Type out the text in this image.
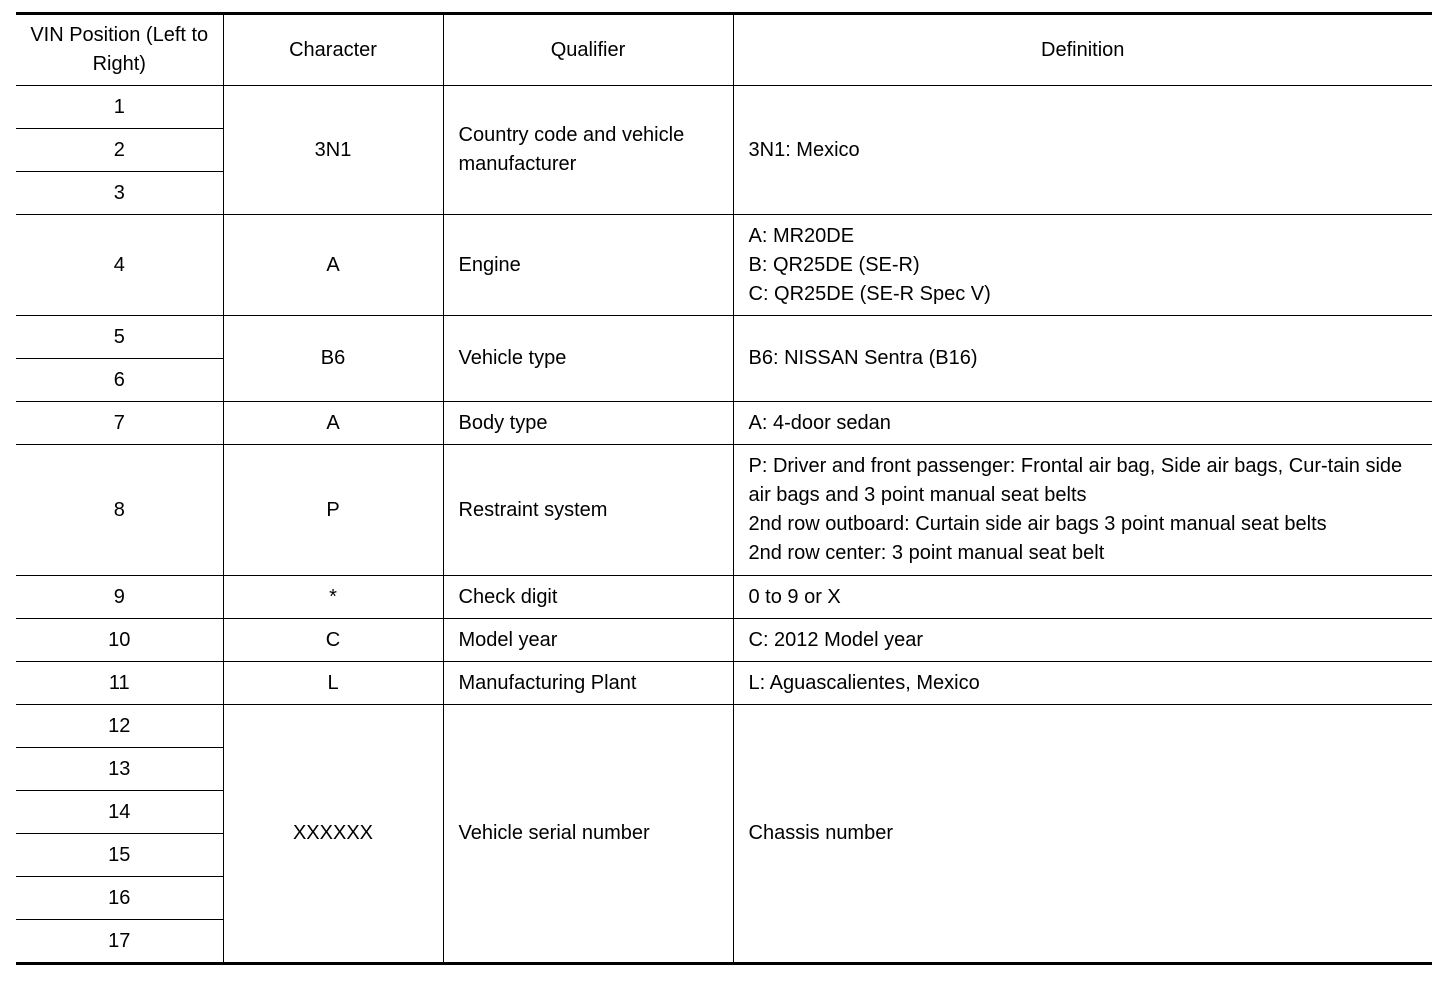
VIN Position (Left to Right)	Character	Qualifier	Definition
1	3N1	Country code and vehicle manufacturer	3N1: Mexico

2			
3			
4	A	Engine	A: MR20DE
B: QR25DE (SE-R)
C: QR25DE (SE-R Spec V)

5	B6	Vehicle type	B6: NISSAN Sentra (B16)

6			
7	A	Body type	A: 4-door sedan

8	P	Restraint system	P: Driver and front passenger: Frontal air bag, Side air bags, Cur-tain side air bags and 3 point manual seat belts
2nd row outboard: Curtain side air bags 3 point manual seat belts
2nd row center: 3 point manual seat belt

9	*	Check digit	0 to 9 or X

10	C	Model year	C: 2012 Model year

11	L	Manufacturing Plant	L: Aguascalientes, Mexico

12	XXXXXX	Vehicle serial number	Chassis number

13			
14			
15			
16			
17			
